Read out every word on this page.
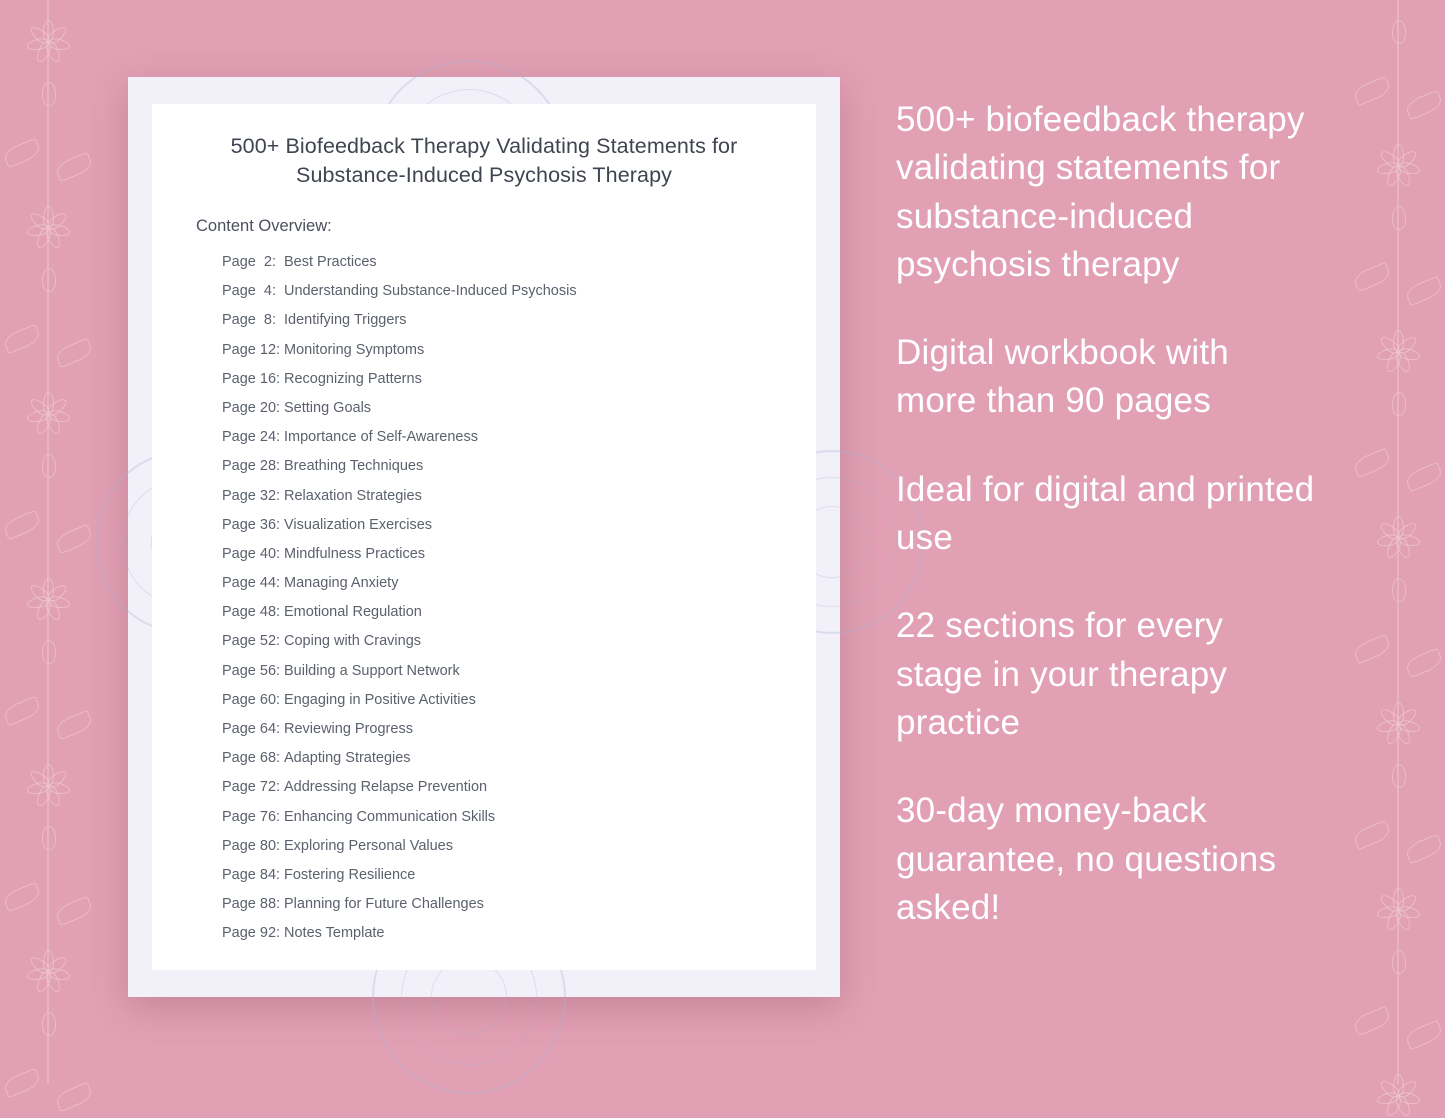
500+ Biofeedback Therapy Validating Statements for Substance-Induced Psychosis Therapy
Content Overview:
Page  2: Best Practices
Page  4: Understanding Substance-Induced Psychosis
Page  8: Identifying Triggers
Page 12: Monitoring Symptoms
Page 16: Recognizing Patterns
Page 20: Setting Goals
Page 24: Importance of Self-Awareness
Page 28: Breathing Techniques
Page 32: Relaxation Strategies
Page 36: Visualization Exercises
Page 40: Mindfulness Practices
Page 44: Managing Anxiety
Page 48: Emotional Regulation
Page 52: Coping with Cravings
Page 56: Building a Support Network
Page 60: Engaging in Positive Activities
Page 64: Reviewing Progress
Page 68: Adapting Strategies
Page 72: Addressing Relapse Prevention
Page 76: Enhancing Communication Skills
Page 80: Exploring Personal Values
Page 84: Fostering Resilience
Page 88: Planning for Future Challenges
Page 92: Notes Template
500+ biofeedback therapy validating statements for substance-induced psychosis therapy
Digital workbook with more than 90 pages
Ideal for digital and printed use
22 sections for every stage in your therapy practice
30-day money-back guarantee, no questions asked!
